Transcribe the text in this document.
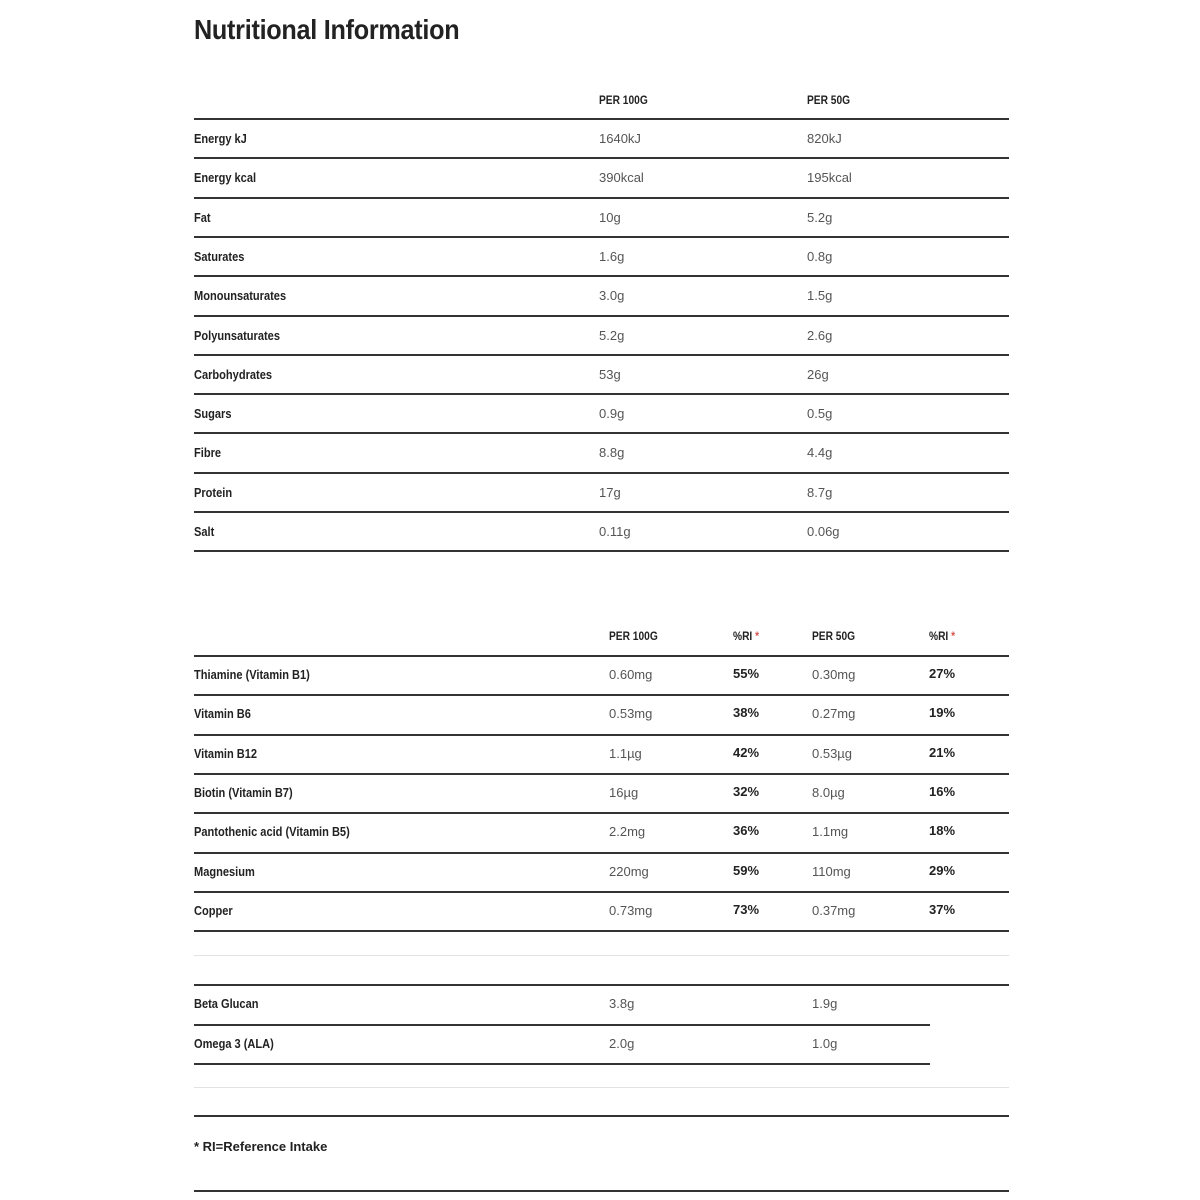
Nutritional Information
PER 100G	PER 50G
Energy kJ	1640kJ	820kJ
Energy kcal	390kcal	195kcal
Fat	10g	5.2g
Saturates	1.6g	0.8g
Monounsaturates	3.0g	1.5g
Polyunsaturates	5.2g	2.6g
Carbohydrates	53g	26g
Sugars	0.9g	0.5g
Fibre	8.8g	4.4g
Protein	17g	8.7g
Salt	0.11g	0.06g
PER 100G	%RI *	PER 50G	%RI *
Thiamine (Vitamin B1)	0.60mg	55%	0.30mg	27%
Vitamin B6	0.53mg	38%	0.27mg	19%
Vitamin B12	1.1µg	42%	0.53µg	21%
Biotin (Vitamin B7)	16µg	32%	8.0µg	16%
Pantothenic acid (Vitamin B5)	2.2mg	36%	1.1mg	18%
Magnesium	220mg	59%	110mg	29%
Copper	0.73mg	73%	0.37mg	37%
Beta Glucan	3.8g	1.9g
Omega 3 (ALA)	2.0g	1.0g
* RI=Reference Intake
